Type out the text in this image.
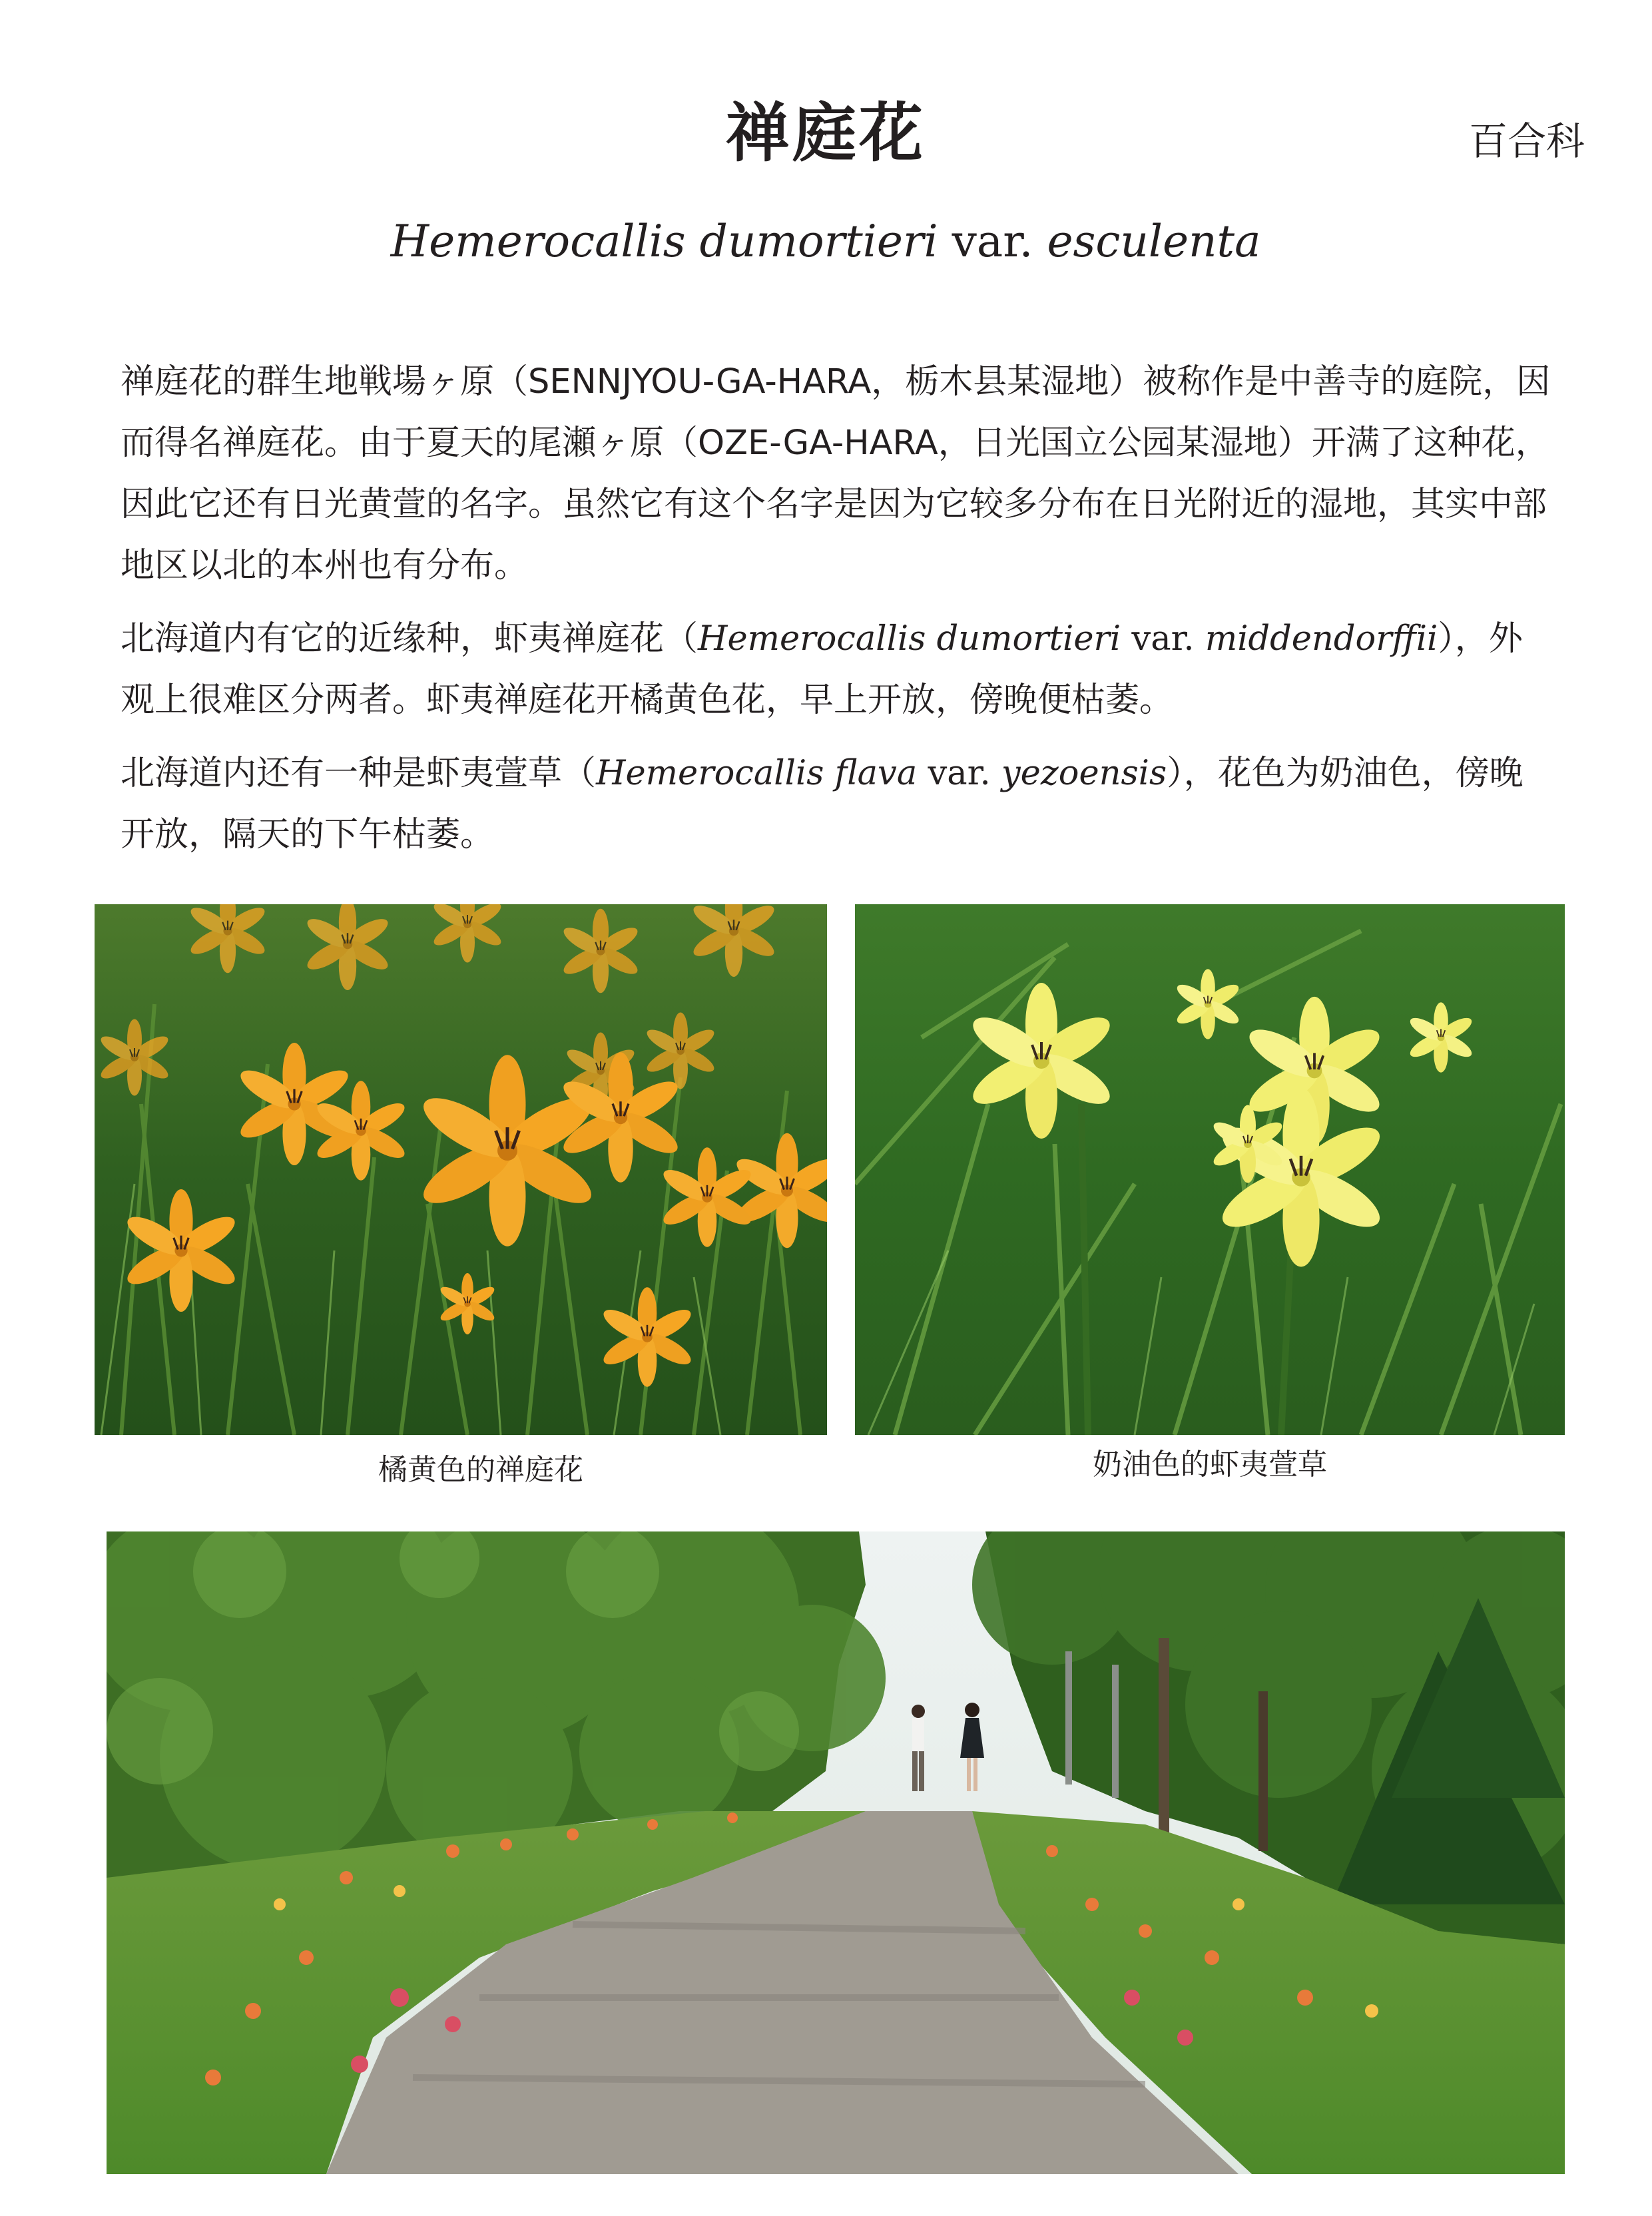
禅庭花	百合科
Hemerocallis dumortieri var. esculenta

禅庭花的群生地戦場ヶ原（SENNJYOU-GA-HARA，栃木县某湿地）被称作是中善寺的庭院，因而得名禅庭花。由于夏天的尾瀬ヶ原（OZE-GA-HARA，日光国立公园某湿地）开满了这种花，因此它还有日光黄萱的名字。虽然它有这个名字是因为它较多分布在日光附近的湿地，其实中部地区以北的本州也有分布。

北海道内有它的近缘种，虾夷禅庭花（Hemerocallis dumortieri var. middendorffii），外观上很难区分两者。虾夷禅庭花开橘黄色花，早上开放，傍晚便枯萎。

北海道内还有一种是虾夷萱草（Hemerocallis flava var. yezoensis），花色为奶油色，傍晚开放，隔天的下午枯萎。

橘黄色的禅庭花	奶油色的虾夷萱草
